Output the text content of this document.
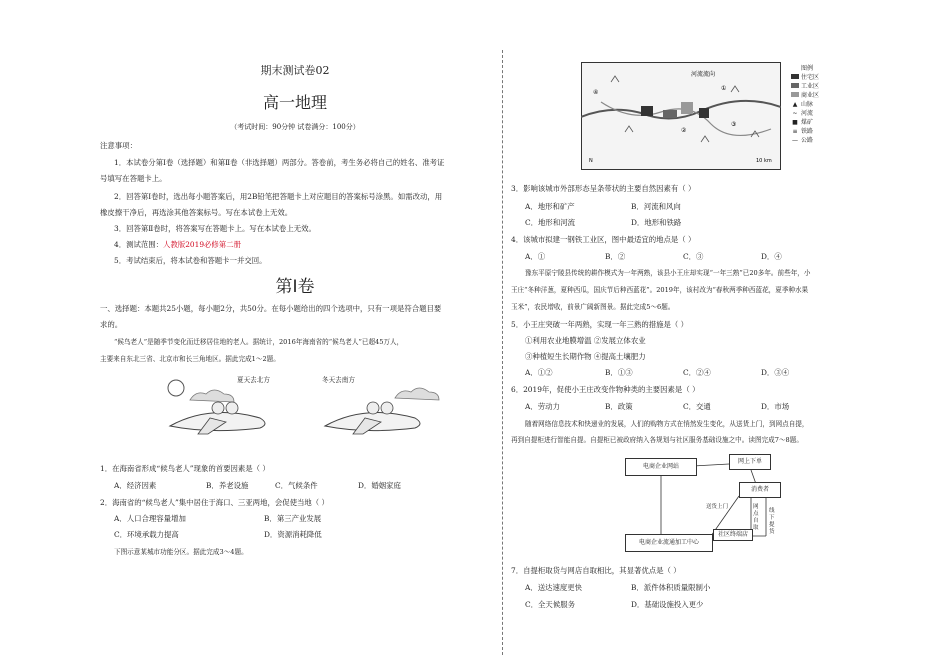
期末测试卷02
高一地理
（考试时间：90分钟 试卷满分：100分）
注意事项：
1．本试卷分第Ⅰ卷（选择题）和第Ⅱ卷（非选择题）两部分。答卷前，考生务必将自己的姓名、准考证
号填写在答题卡上。
2．回答第Ⅰ卷时，选出每小题答案后，用2B铅笔把答题卡上对应题目的答案标号涂黑。如需改动，用
橡皮擦干净后，再选涂其他答案标号。写在本试卷上无效。
3．回答第Ⅱ卷时，将答案写在答题卡上。写在本试卷上无效。
4．测试范围：人教版2019必修第二册
5．考试结束后，将本试卷和答题卡一并交回。
第Ⅰ卷
一、选择题：本题共25小题，每小题2分，共50分。在每小题给出的四个选项中，只有一项是符合题目要
求的。
“候鸟老人”是随季节变化而迁移居住地的老人。据统计，2016年海南省的“候鸟老人”已超45万人，
主要来自东北三省、北京市和长三角地区。据此完成1～2题。
夏天去北方	冬天去南方
1．在海南省形成“候鸟老人”现象的首要因素是（ ）
A．经济因素	B．养老设施	C．气候条件	D．婚姻家庭
2．海南省的“候鸟老人”集中居住于海口、三亚两地，会促使当地（ ）
A．人口合理容量增加	B．第三产业发展
C．环境承载力提高	D．资源消耗降低
下图示意某城市功能分区。据此完成3～4题。
河流流向
④
①
②
③
10 km
N
图例
住宅区
工业区
商业区
▲ 山脉
~ 河流
■ 煤矿
≡ 铁路
— 公路
3．影响该城市外部形态呈条带状的主要自然因素有（ ）
A．地形和矿产	B．河流和风向
C．地形和河流	D．地形和铁路
4．该城市拟建一钢铁工业区，图中最适宜的地点是（ ）
A．①	B．②	C．③	D．④
豫东平原宁陵县传统的耕作模式为一年两熟，该县小王庄却实现“一年三熟”已20多年。前些年，小
王庄“冬种洋葱，夏种西瓜，国庆节后种西蓝花”。2019年，该村改为“春秋两季种西蓝花，夏季种水果
玉米”，农民增收，前景广阔新图景。据此完成5～6题。
5．小王庄突破一年两熟，实现一年三熟的措施是（ ）
①利用农业地膜增温 ②发展立体农业
③种植短生长期作物 ④提高土壤肥力
A．①②	B．①③	C．②④	D．③④
6．2019年，促使小王庄改变作物种类的主要因素是（ ）
A．劳动力	B．政策	C．交通	D．市场
随着网络信息技术和快递业的发展，人们的购物方式在悄然发生变化，从送货上门，到网点自提，
再到自提柜进行智能自提。自提柜已被政府纳入各规划与社区服务基础设施之中。读图完成7～8题。
电商企业网站
网上下单
消费者
电商企业流通加工中心
社区终端店
送货上门	网点自取
线下提货
7．自提柜取货与网店自取相比，其显著优点是（ ）
A．送达速度更快	B．派件体积质量限制小
C．全天候服务	D．基础设施投入更少
